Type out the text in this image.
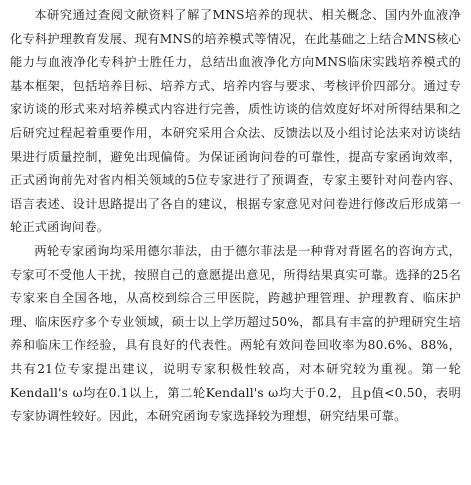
本研究通过查阅文献资料了解了MNS培养的现状、相关概念、国内外血液净化专科护理教育发展、现有MNS的培养模式等情况，在此基础之上结合MNS核心能力与血液净化专科护士胜任力，总结出血液净化方向MNS临床实践培养模式的基本框架，包括培养目标、培养方式、培养内容与要求、考核评价四部分。通过专家访谈的形式来对培养模式内容进行完善，质性访谈的信效度好坏对所得结果和之后研究过程起着重要作用，本研究采用合众法、反馈法以及小组讨论法来对访谈结果进行质量控制，避免出现偏倚。为保证函询问卷的可靠性，提高专家函询效率，正式函询前先对省内相关领域的5位专家进行了预调查，专家主要针对问卷内容、语言表述、设计思路提出了各自的建议，根据专家意见对问卷进行修改后形成第一轮正式函询问卷。

两轮专家函询均采用德尔菲法，由于德尔菲法是一种背对背匿名的咨询方式，专家可不受他人干扰，按照自己的意愿提出意见，所得结果真实可靠。选择的25名专家来自全国各地，从高校到综合三甲医院，跨越护理管理、护理教育、临床护理、临床医疗多个专业领域，硕士以上学历超过50%，都具有丰富的护理研究生培养和临床工作经验，具有良好的代表性。两轮有效问卷回收率为80.6%、88%，共有21位专家提出建议，说明专家积极性较高，对本研究较为重视。第一轮Kendall's ω均在0.1以上，第二轮Kendall's ω均大于0.2，且p值<0.50，表明专家协调性较好。因此，本研究函询专家选择较为理想，研究结果可靠。
